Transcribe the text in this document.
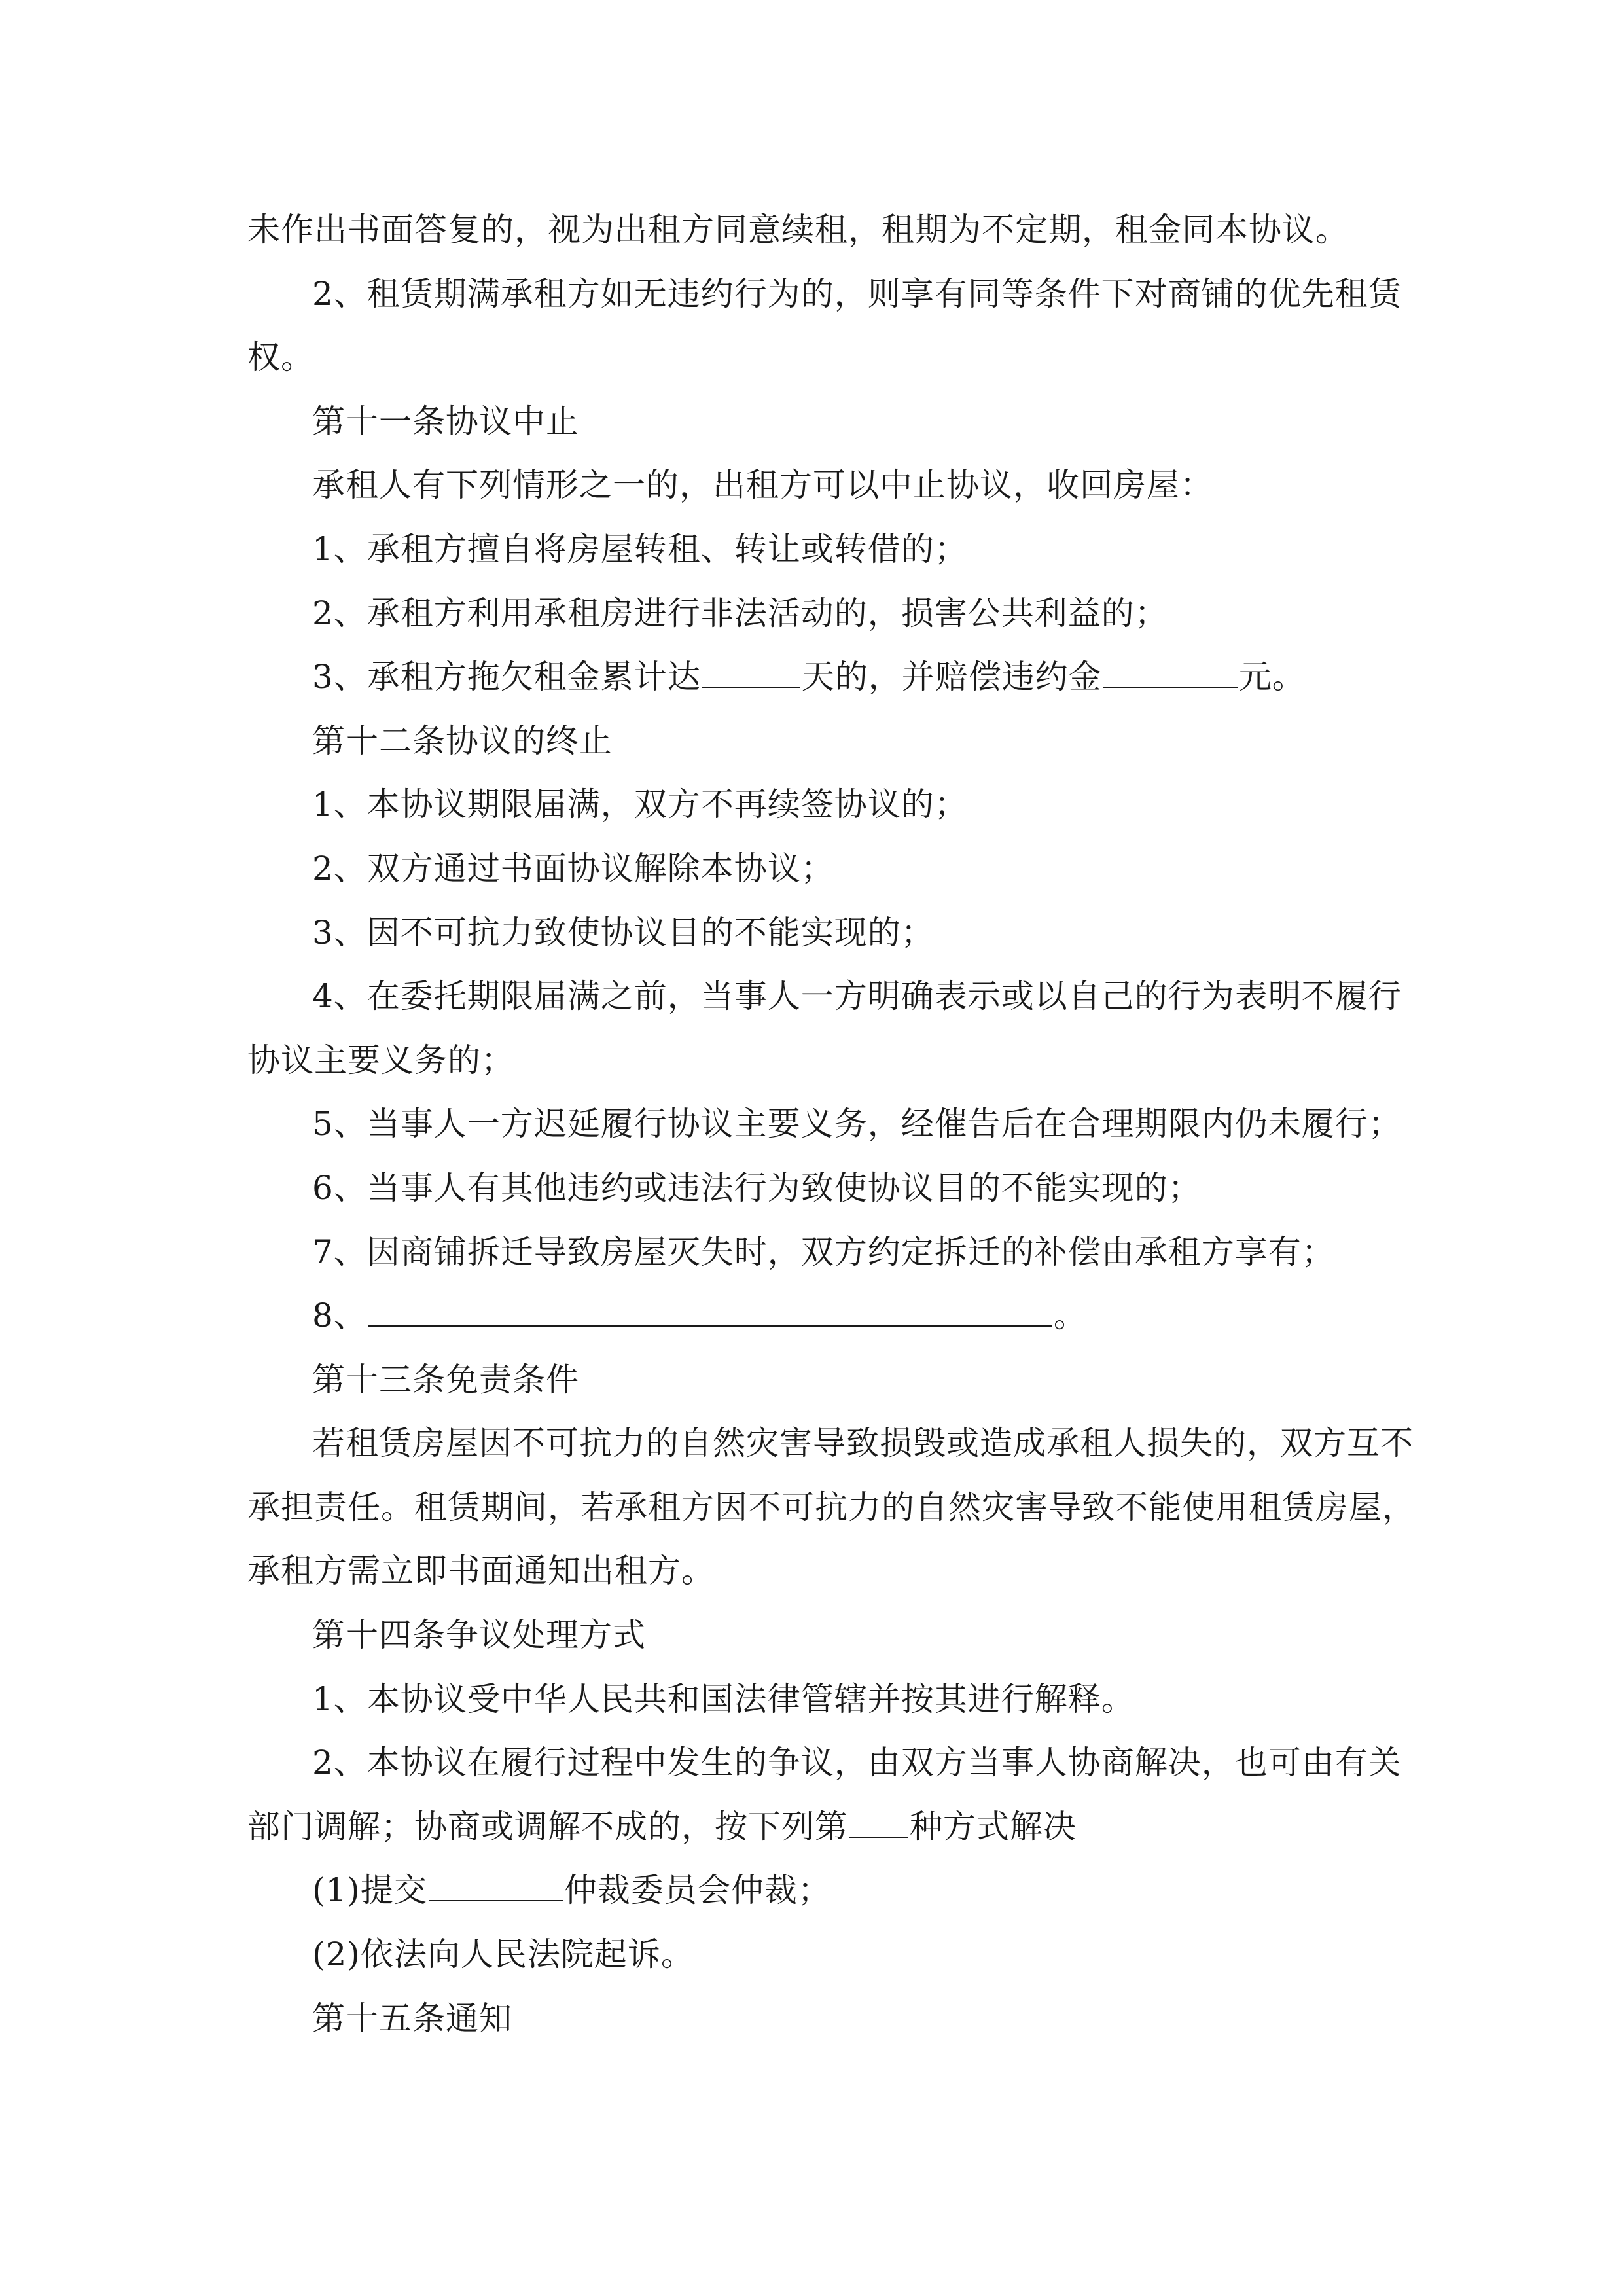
未作出书面答复的，视为出租方同意续租，租期为不定期，租金同本协议。
2、租赁期满承租方如无违约行为的，则享有同等条件下对商铺的优先租赁
权。
第十一条协议中止
承租人有下列情形之一的，出租方可以中止协议，收回房屋：
1、承租方擅自将房屋转租、转让或转借的；
2、承租方利用承租房进行非法活动的，损害公共利益的；
3、承租方拖欠租金累计达	天的，并赔偿违约金	元。
第十二条协议的终止
1、本协议期限届满，双方不再续签协议的；
2、双方通过书面协议解除本协议；
3、因不可抗力致使协议目的不能实现的；
4、在委托期限届满之前，当事人一方明确表示或以自己的行为表明不履行
协议主要义务的；
5、当事人一方迟延履行协议主要义务，经催告后在合理期限内仍未履行；
6、当事人有其他违约或违法行为致使协议目的不能实现的；
7、因商铺拆迁导致房屋灭失时，双方约定拆迁的补偿由承租方享有；
8、	。
第十三条免责条件
若租赁房屋因不可抗力的自然灾害导致损毁或造成承租人损失的，双方互不
承担责任。租赁期间，若承租方因不可抗力的自然灾害导致不能使用租赁房屋，
承租方需立即书面通知出租方。
第十四条争议处理方式
1、本协议受中华人民共和国法律管辖并按其进行解释。
2、本协议在履行过程中发生的争议，由双方当事人协商解决，也可由有关
部门调解；协商或调解不成的，按下列第 种方式解决
(1)提交	仲裁委员会仲裁；
(2)依法向人民法院起诉。
第十五条通知
